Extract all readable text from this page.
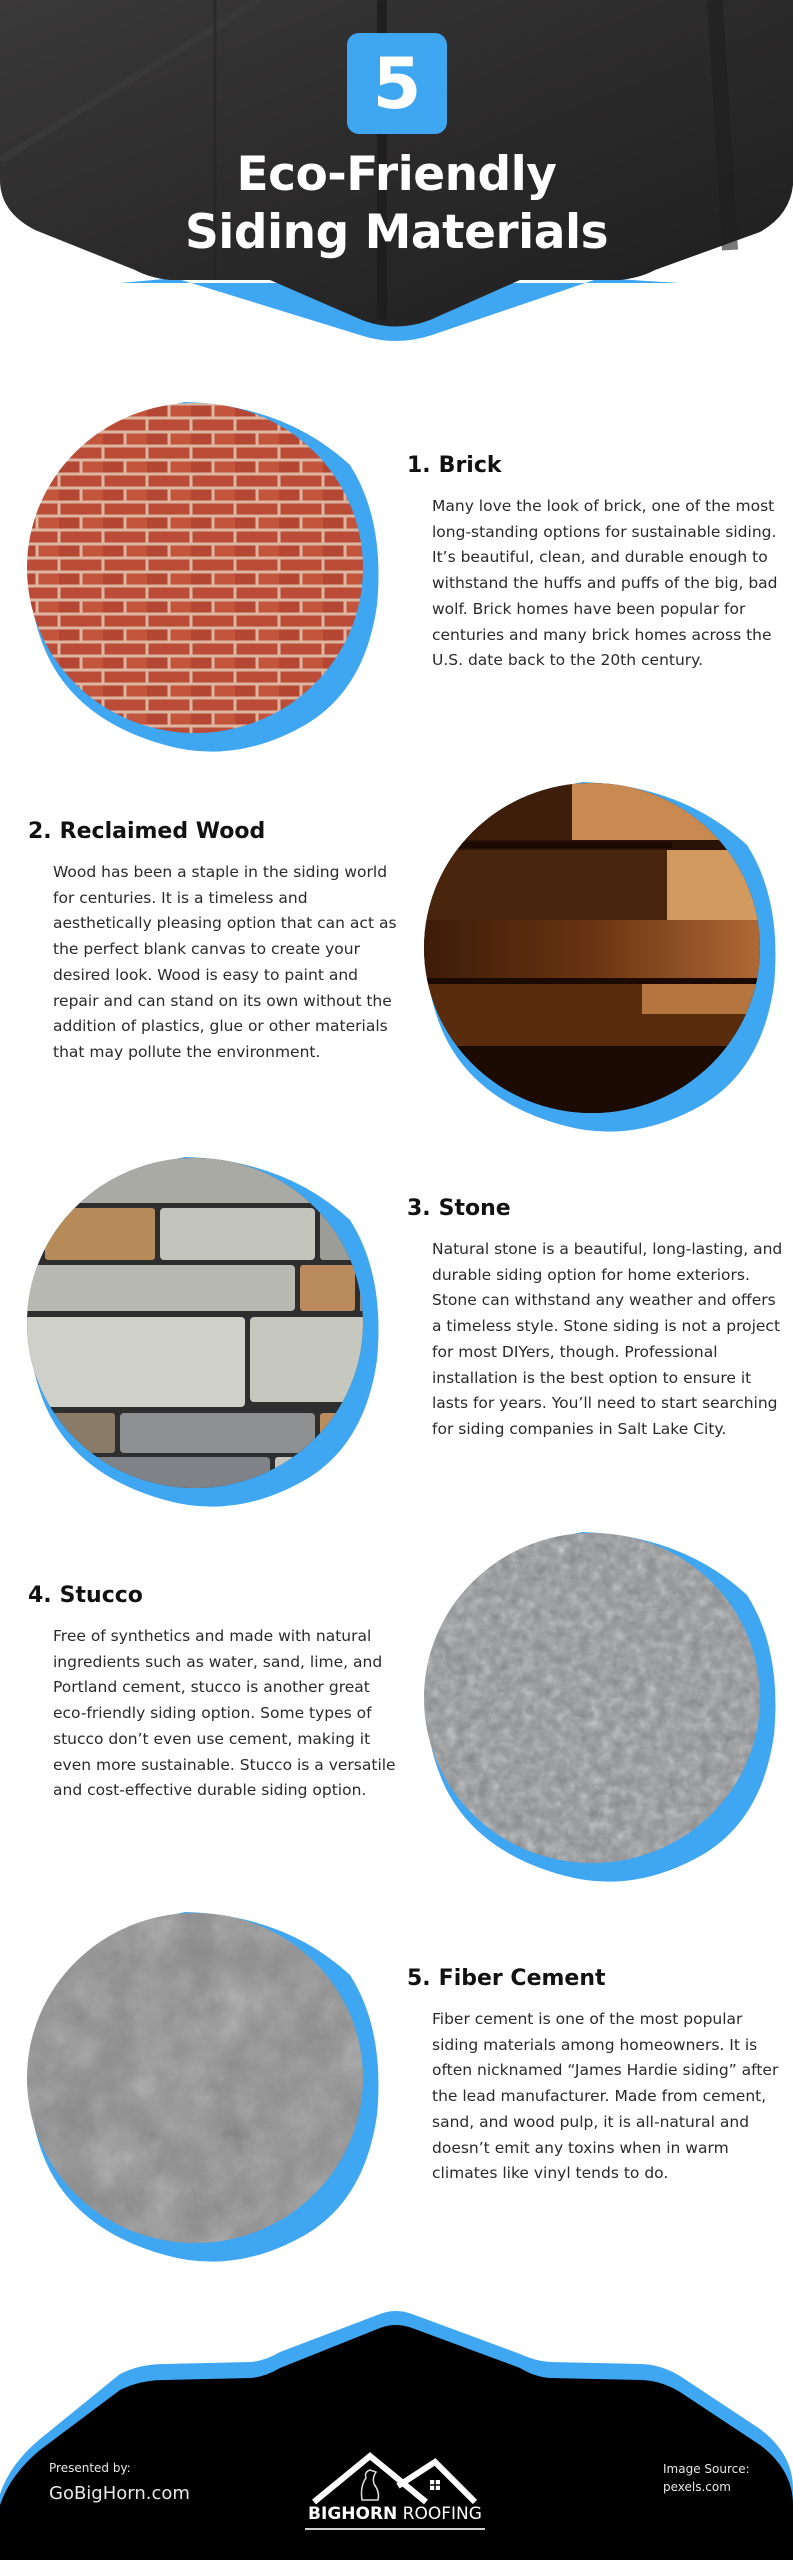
5
Eco-Friendly
Siding Materials
1. Brick

Many love the look of brick, one of the most long-standing options for sustainable siding. It’s beautiful, clean, and durable enough to withstand the huffs and puffs of the big, bad wolf. Brick homes have been popular for centuries and many brick homes across the U.S. date back to the 20th century.

2. Reclaimed Wood

Wood has been a staple in the siding world for centuries. It is a timeless and aesthetically pleasing option that can act as the perfect blank canvas to create your desired look. Wood is easy to paint and repair and can stand on its own without the addition of plastics, glue or other materials that may pollute the environment.

3. Stone

Natural stone is a beautiful, long-lasting, and durable siding option for home exteriors. Stone can withstand any weather and offers a timeless style. Stone siding is not a project for most DIYers, though. Professional installation is the best option to ensure it lasts for years. You’ll need to start searching for siding companies in Salt Lake City.

4. Stucco

Free of synthetics and made with natural ingredients such as water, sand, lime, and Portland cement, stucco is another great eco-friendly siding option. Some types of stucco don’t even use cement, making it even more sustainable. Stucco is a versatile and cost-effective durable siding option.

5. Fiber Cement

Fiber cement is one of the most popular siding materials among homeowners. It is often nicknamed “James Hardie siding” after the lead manufacturer. Made from cement, sand, and wood pulp, it is all-natural and doesn’t emit any toxins when in warm climates like vinyl tends to do.

Presented by:
GoBigHorn.com
BIGHORN ROOFING
Image Source:
pexels.com
